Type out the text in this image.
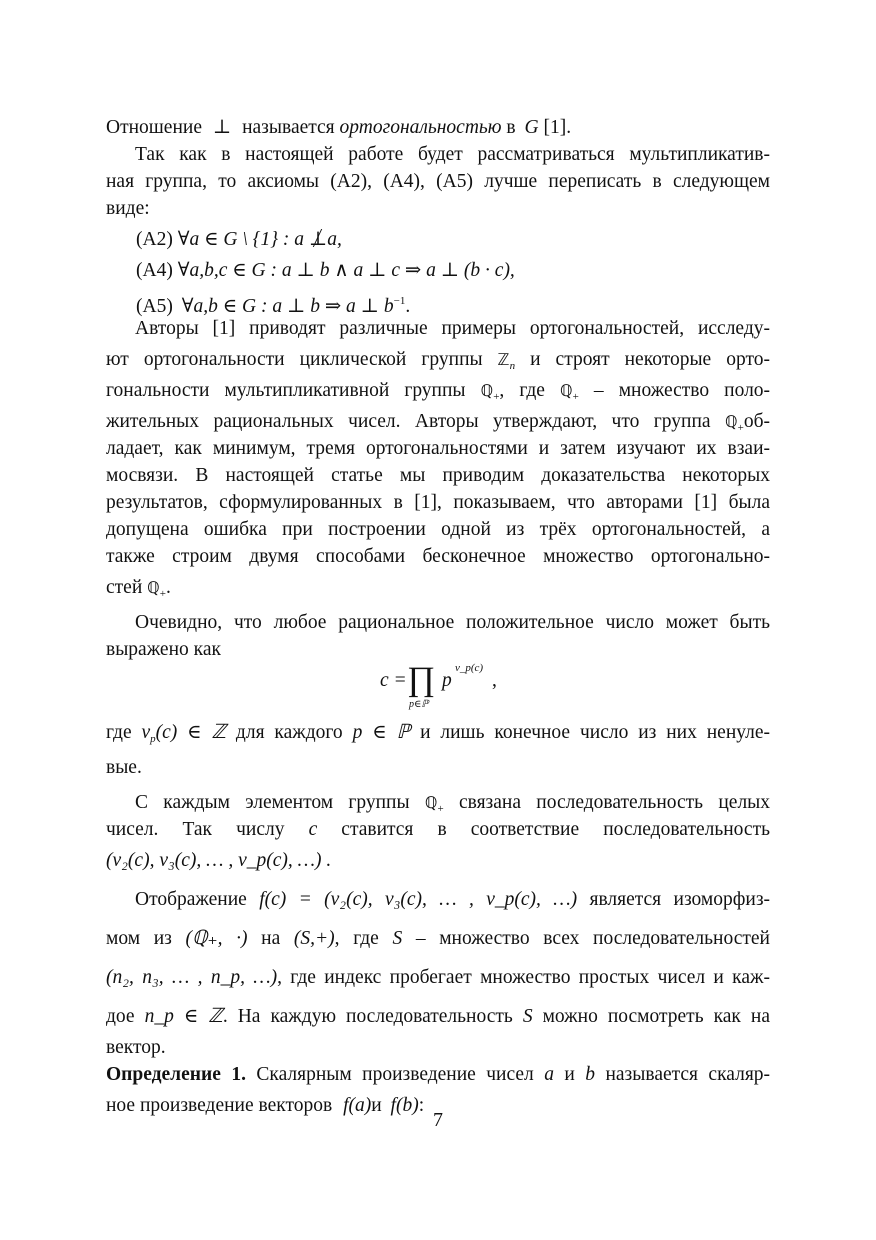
Отношение ⊥ называется ортогональностью в G [1].
Так как в настоящей работе будет рассматриваться мультипликатив-
ная группа, то аксиомы (A2), (A4), (A5) лучше переписать в следующем
виде:
(A2) ∀a ∈ G \ {1} : a ⊥a,
(A4) ∀a,b,c ∈ G : a ⊥ b ∧ a ⊥ c ⇒ a ⊥ (b · c),
(A5) ∀a,b ∈ G : a ⊥ b ⇒ a ⊥ $b^{-1}$.
Авторы [1] приводят различные примеры ортогональностей, исследу-
ют ортогональности циклической группы ℤ$_n$ и строят некоторые орто-
гональности мультипликативной группы ℚ$_+$, где ℚ$_+$ – множество поло-
жительных рациональных чисел. Авторы утверждают, что группа ℚ$_+$об-
ладает, как минимум, тремя ортогональностями и затем изучают их взаи-
мосвязи. В настоящей статье мы приводим доказательства некоторых
результатов, сформулированных в [1], показываем, что авторами [1] была
допущена ошибка при построении одной из трёх ортогональностей, а
также строим двумя способами бесконечное множество ортогонально-
стей ℚ$_+$.
Очевидно, что любое рациональное положительное число может быть
выражено как
c = ∏
p∈ℙ
p
ν_p(c)
,
где $\nu_p(c)$ ∈ ℤ для каждого p ∈ ℙ и лишь конечное число из них ненуле-
вые.
С каждым элементом группы ℚ$_+$ связана последовательность целых
чисел. Так числу c ставится в соответствие последовательность
(ν₂(c), ν₃(c), … , ν_p(c), …) .
Отображение f(c) = (ν₂(c), ν₃(c), … , ν_p(c), …) является изоморфиз-
мом из (ℚ₊, ·) на (S,+), где S – множество всех последовательностей
(n₂, n₃, … , n_p, …), где индекс пробегает множество простых чисел и каж-
дое n_p ∈ ℤ. На каждую последовательность S можно посмотреть как на
вектор.
Определение 1. Скалярным произведение чисел a и b называется скаляр-
ное произведение векторов f(a)и f(b):
7
